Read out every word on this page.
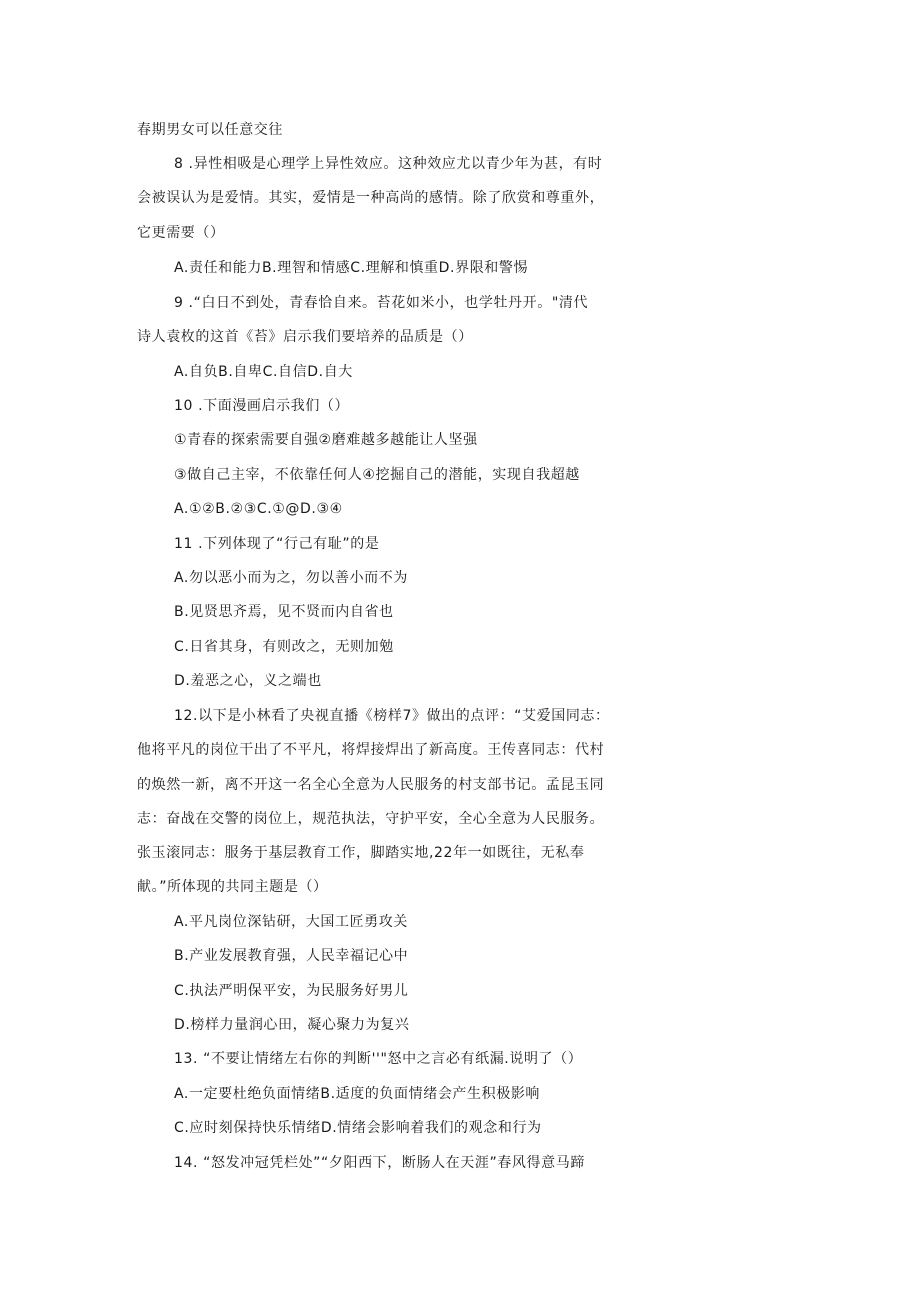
春期男女可以任意交往
8 .异性相吸是心理学上异性效应。这种效应尤以青少年为甚，有时
会被误认为是爱情。其实，爱情是一种高尚的感情。除了欣赏和尊重外，
它更需要（）
A.责任和能力B.理智和情感C.理解和慎重D.界限和警惕
9 .“白日不到处，青春恰自来。苔花如米小，也学牡丹开。"清代
诗人袁枚的这首《苔》启示我们要培养的品质是（）
A.自负B.自卑C.自信D.自大
10 .下面漫画启示我们（）
①青春的探索需要自强②磨难越多越能让人坚强
③做自己主宰，不依靠任何人④挖掘自己的潜能，实现自我超越
A.①②B.②③C.①@D.③④
11 .下列体现了“行己有耻”的是
A.勿以恶小而为之，勿以善小而不为
B.见贤思齐焉，见不贤而内自省也
C.日省其身，有则改之，无则加勉
D.羞恶之心，义之端也
12.以下是小林看了央视直播《榜样7》做出的点评：“艾爱国同志：
他将平凡的岗位干出了不平凡，将焊接焊出了新高度。王传喜同志：代村
的焕然一新，离不开这一名全心全意为人民服务的村支部书记。孟昆玉同
志：奋战在交警的岗位上，规范执法，守护平安，全心全意为人民服务。
张玉滚同志：服务于基层教育工作，脚踏实地,22年一如既往，无私奉
献。”所体现的共同主题是（）
A.平凡岗位深钻研，大国工匠勇攻关
B.产业发展教育强，人民幸福记心中
C.执法严明保平安，为民服务好男儿
D.榜样力量润心田，凝心聚力为复兴
13. “不要让情绪左右你的判断''"怒中之言必有纸漏.说明了（）
A.一定要杜绝负面情绪B.适度的负面情绪会产生积极影响
C.应时刻保持快乐情绪D.情绪会影响着我们的观念和行为
14. “怒发冲冠凭栏处”“夕阳西下，断肠人在天涯”春风得意马蹄
